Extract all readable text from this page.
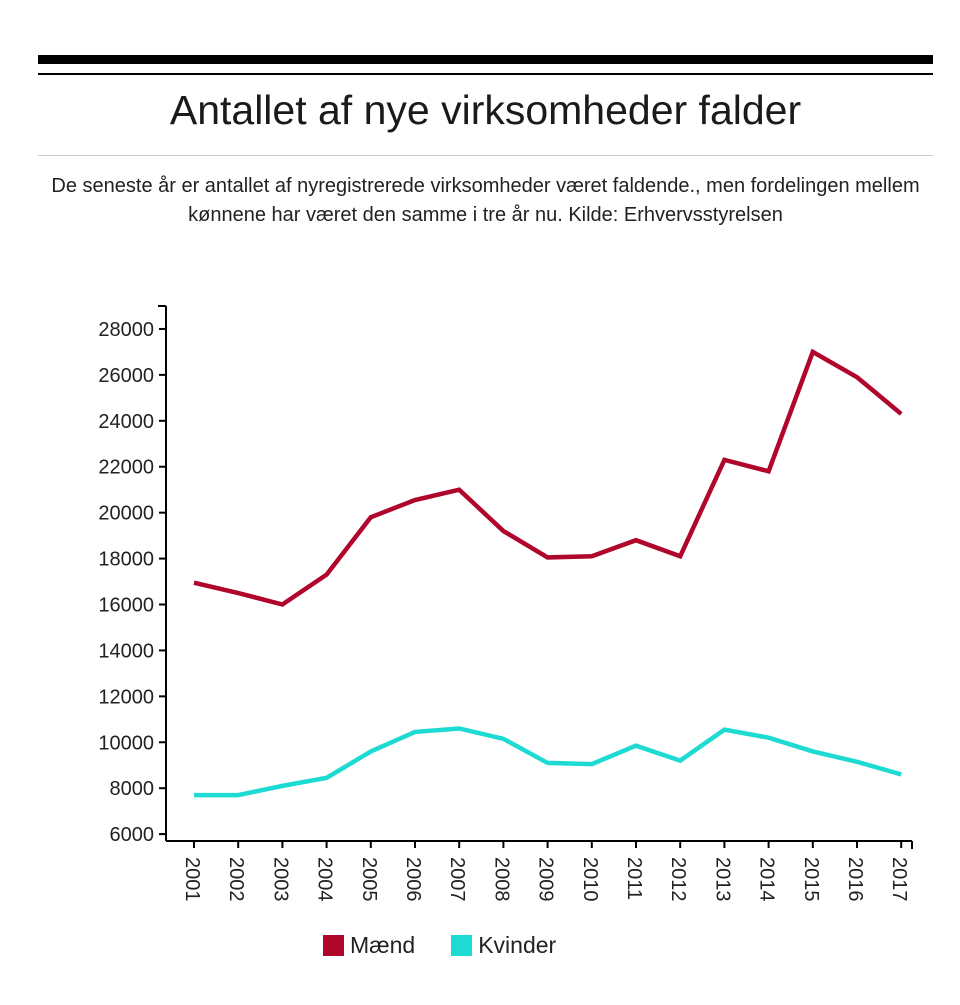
Antallet af nye virksomheder falder

De seneste år er antallet af nyregistrerede virksomheder været faldende., men fordelingen mellem kønnene har været den samme i tre år nu. Kilde: Erhvervsstyrelsen

6000
8000
10000
12000
14000
16000
18000
20000
22000
24000
26000
28000
2001 2002 2003 2004 2005 2006 2007 2008 2009 2010 2011 2012 2013 2014 2015 2016 2017
Mænd	Kvinder
